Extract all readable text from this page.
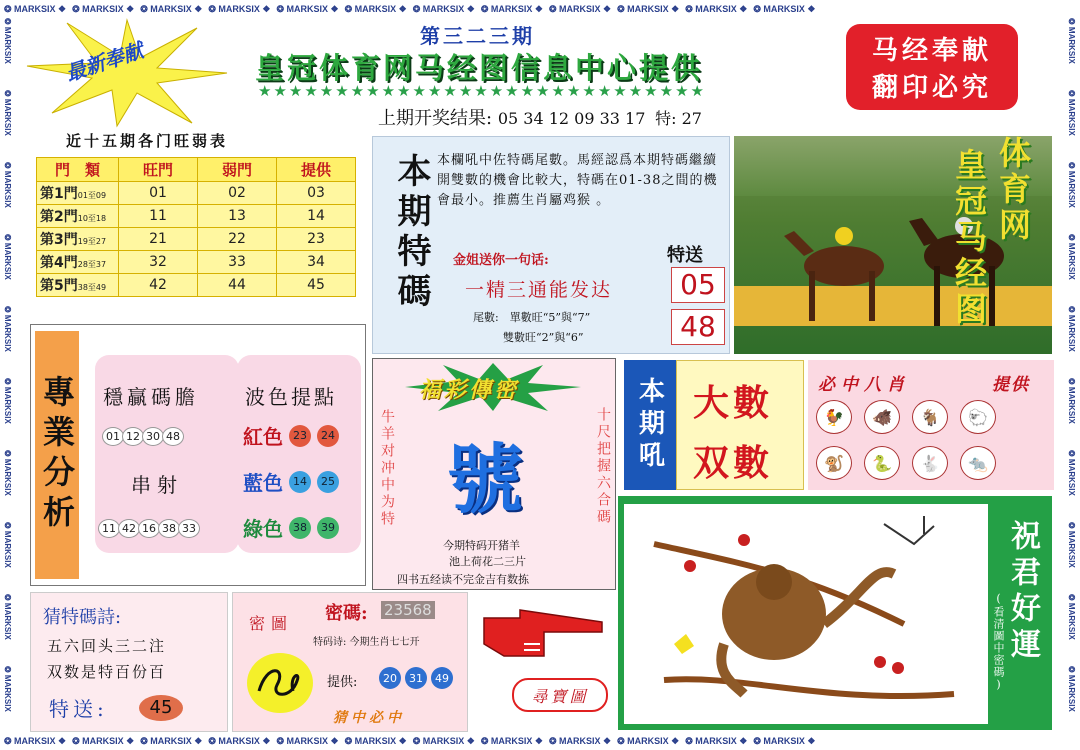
❂ MARKSIX ❖ ❂ MARKSIX ❖ ❂ MARKSIX ❖ ❂ MARKSIX ❖ ❂ MARKSIX ❖ ❂ MARKSIX ❖ ❂ MARKSIX ❖ ❂ MARKSIX ❖ ❂ MARKSIX ❖ ❂ MARKSIX ❖ ❂ MARKSIX ❖ ❂ MARKSIX ❖
❂ MARKSIX ❖ ❂ MARKSIX ❖ ❂ MARKSIX ❖ ❂ MARKSIX ❖ ❂ MARKSIX ❖ ❂ MARKSIX ❖ ❂ MARKSIX ❖ ❂ MARKSIX ❖ ❂ MARKSIX ❖ ❂ MARKSIX ❖ ❂ MARKSIX ❖ ❂ MARKSIX ❖
❂ MARKSIX
❂ MARKSIX
❂ MARKSIX
❂ MARKSIX
❂ MARKSIX
❂ MARKSIX
❂ MARKSIX
❂ MARKSIX
❂ MARKSIX
❂ MARKSIX
❂ MARKSIX
❂ MARKSIX
❂ MARKSIX
❂ MARKSIX
❂ MARKSIX
❂ MARKSIX
❂ MARKSIX
❂ MARKSIX
❂ MARKSIX
❂ MARKSIX
最新奉献
第三二三期
皇冠体育网马经图信息中心提供
★★★★★★★★★★★★★★★★★★★★★★★★★★★★★
马经奉献
翻印必究
上期开奖结果: 05 34 12 09 33 17 特: 27
近十五期各门旺弱表
門　類	旺門	弱門	提供
第1門01至09	01	02	03
第2門10至18	11	13	14
第3門19至27	21	22	23
第4門28至37	32	33	34
第5門38至49	42	44	45 本期特碼 本欄吼中佐特碼尾數。馬經認爲本期特碼繼續開雙數的機會比較大，特碼在01-38之間的機會最小。推薦生肖屬鸡猴 。
金姐送你一句话:
一精三通能发达
尾數:　單數旺“5”與“7”
雙數旺“2”與“6”
特送
05
48	皇冠马经图 体育网
專業分析 穩贏碼膽
01 12 30 48
串射
11 42 16 38 33
波色提點
紅色 23	24
藍色 14	25
綠色 38	39
福彩傳密
牛羊对冲中为特	十尺把握六合碼
號
今期特码开猪羊
池上荷花二三片
四书五经读不完金吉有数拣
本期吼 大數
双數
必中八肖	提供
🐓	🐗	🐐	🐑
🐒	🐍	🐇	🐀
猜特碼詩:
五六回头三二注
双数是特百份百
特送:	45
密圖 密碼: 23568
特码诗: 今期生肖七七开
提供:	20	31	49
猜中必中
尋寶圖
祝君好運
(看清圖中密碼)
